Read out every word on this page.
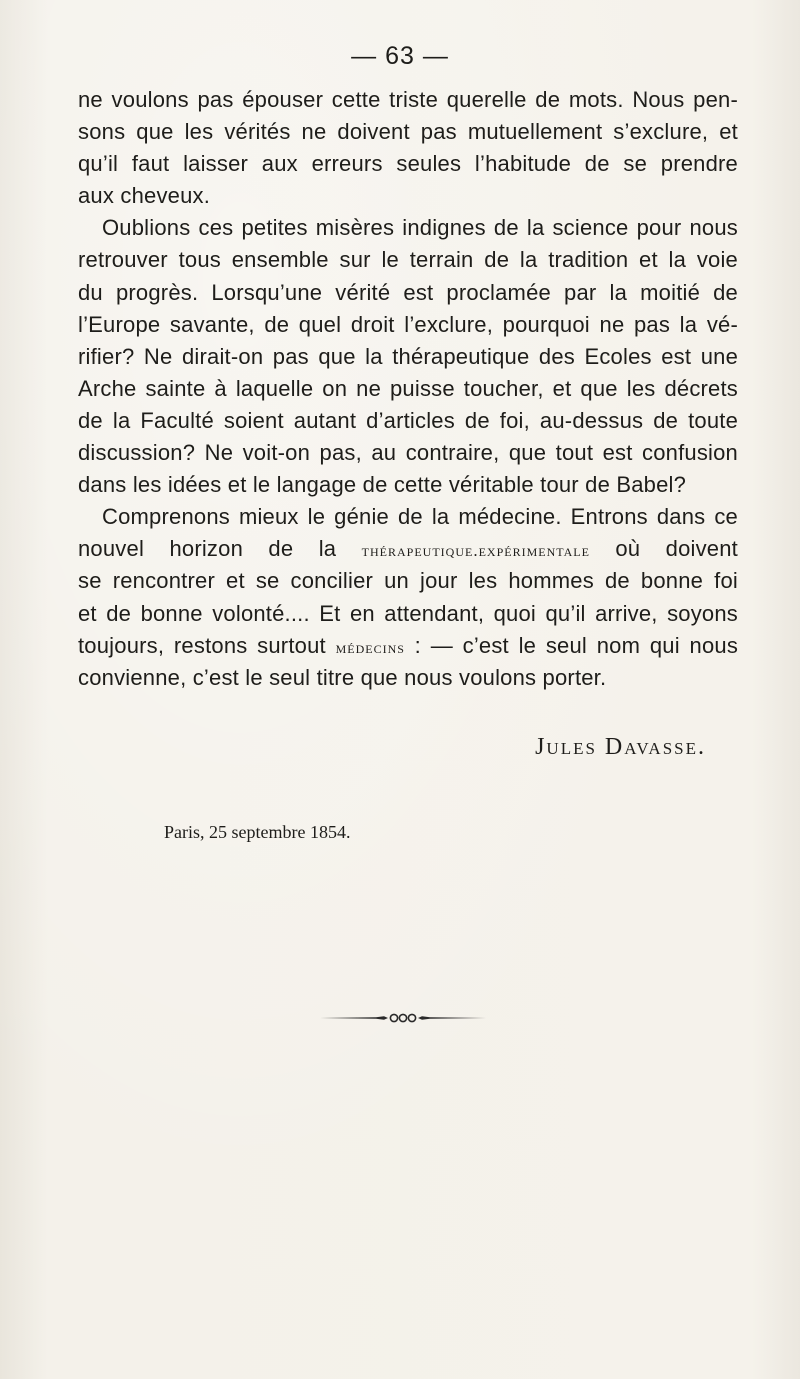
— 63 —
ne voulons pas épouser cette triste querelle de mots. Nous pen-
sons que les vérités ne doivent pas mutuellement s’exclure, et
qu’il faut laisser aux erreurs seules l’habitude de se prendre
aux cheveux.
Oublions ces petites misères indignes de la science pour nous
retrouver tous ensemble sur le terrain de la tradition et la voie
du progrès. Lorsqu’une vérité est proclamée par la moitié de
l’Europe savante, de quel droit l’exclure, pourquoi ne pas la vé-
rifier? Ne dirait-on pas que la thérapeutique des Ecoles est une
Arche sainte à laquelle on ne puisse toucher, et que les décrets
de la Faculté soient autant d’articles de foi, au-dessus de toute
discussion? Ne voit-on pas, au contraire, que tout est confusion
dans les idées et le langage de cette véritable tour de Babel?
Comprenons mieux le génie de la médecine. Entrons dans ce
nouvel horizon de la thérapeutique.expérimentale où doivent
se rencontrer et se concilier un jour les hommes de bonne foi
et de bonne volonté.... Et en attendant, quoi qu’il arrive, soyons
toujours, restons surtout médecins : — c’est le seul nom qui nous
convienne, c’est le seul titre que nous voulons porter.
Jules Davasse.
Paris, 25 septembre 1854.
